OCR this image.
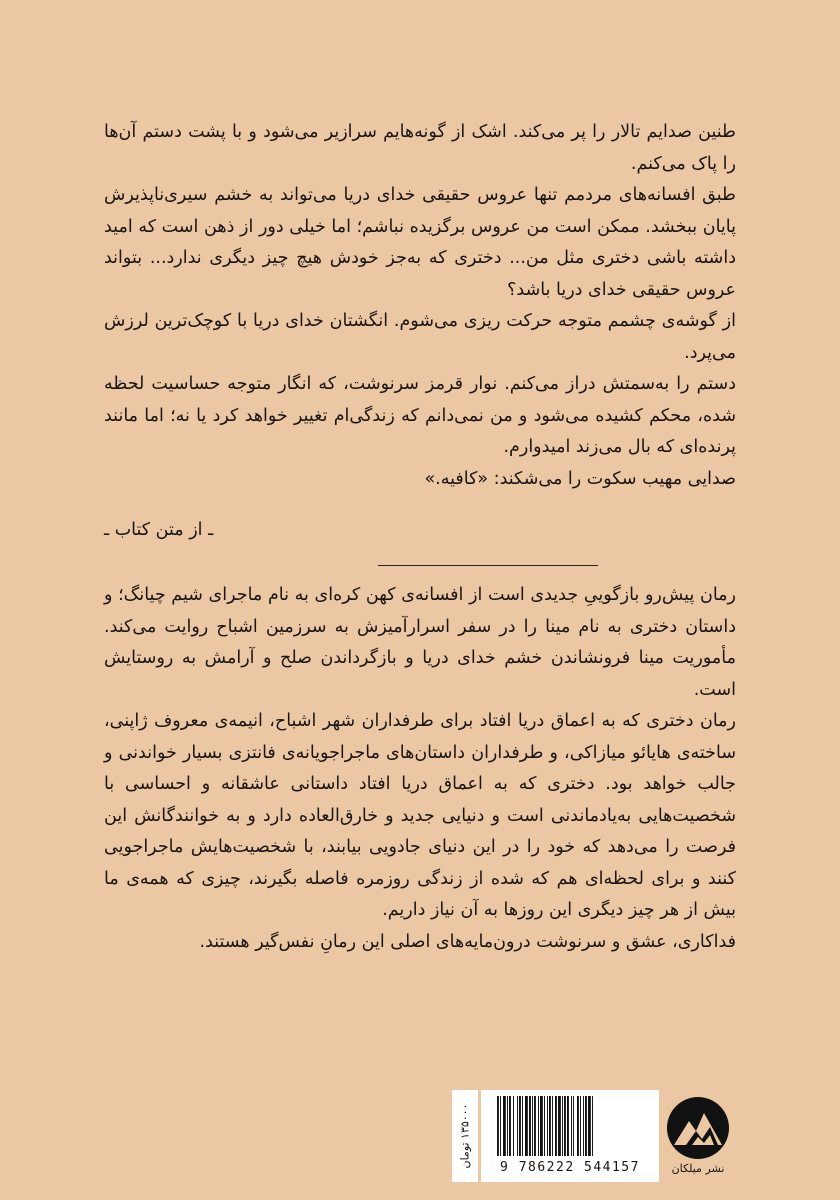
طنین صدایم تالار را پر می‌کند. اشک از گونه‌هایم سرازیر می‌شود و با پشت دستم آن‌ها را پاک می‌کنم.

طبق افسانه‌های مردمم تنها عروس حقیقی خدای دریا می‌تواند به خشم سیری‌ناپذیرش پایان ببخشد. ممکن است من عروس برگزیده نباشم؛ اما خیلی دور از ذهن است که امید داشته باشی دختری مثل من... دختری که به‌جز خودش هیچ چیز دیگری ندارد... بتواند عروس حقیقی خدای دریا باشد؟

از گوشه‌ی چشمم متوجه حرکت ریزی می‌شوم. انگشتان خدای دریا با کوچک‌ترین لرزش می‌پرد.

دستم را به‌سمتش دراز می‌کنم. نوار قرمز سرنوشت، که انگار متوجه حساسیت لحظه شده، محکم کشیده می‌شود و من نمی‌دانم که زندگی‌ام تغییر خواهد کرد یا نه؛ اما مانند پرنده‌ای که بال می‌زند امیدوارم.

صدایی مهیب سکوت را می‌شکند: «کافیه.»

ـ از متن کتاب ـ

رمان پیش‌رو بازگوییِ جدیدی است از افسانه‌ی کهن کره‌ای به نام ماجرای شیم چیانگ؛ و داستان دختری به نام مینا را در سفر اسرارآمیزش به سرزمین اشباح روایت می‌کند. مأموریت مینا فرونشاندن خشم خدای دریا و بازگرداندن صلح و آرامش به روستایش است.

رمان دختری که به اعماق دریا افتاد برای طرفداران شهر اشباح، انیمه‌ی معروف ژاپنی، ساخته‌ی هایائو میازاکی، و طرفداران داستان‌های ماجراجویانه‌ی فانتزی بسیار خواندنی و جالب خواهد بود. دختری که به اعماق دریا افتاد داستانی عاشقانه و احساسی با شخصیت‌هایی به‌یادماندنی است و دنیایی جدید و خارق‌العاده دارد و به خوانندگانش این فرصت را می‌دهد که خود را در این دنیای جادویی بیابند، با شخصیت‌هایش ماجراجویی کنند و برای لحظه‌ای هم که شده از زندگی روزمره فاصله بگیرند، چیزی که همه‌ی ما بیش از هر چیز دیگری این روزها به آن نیاز داریم.

فداکاری، عشق و سرنوشت درون‌مایه‌های اصلی این رمانِ نفس‌گیر هستند.

نشر میلکان
9 786222 544157
۱۳۵۰۰۰ تومان
